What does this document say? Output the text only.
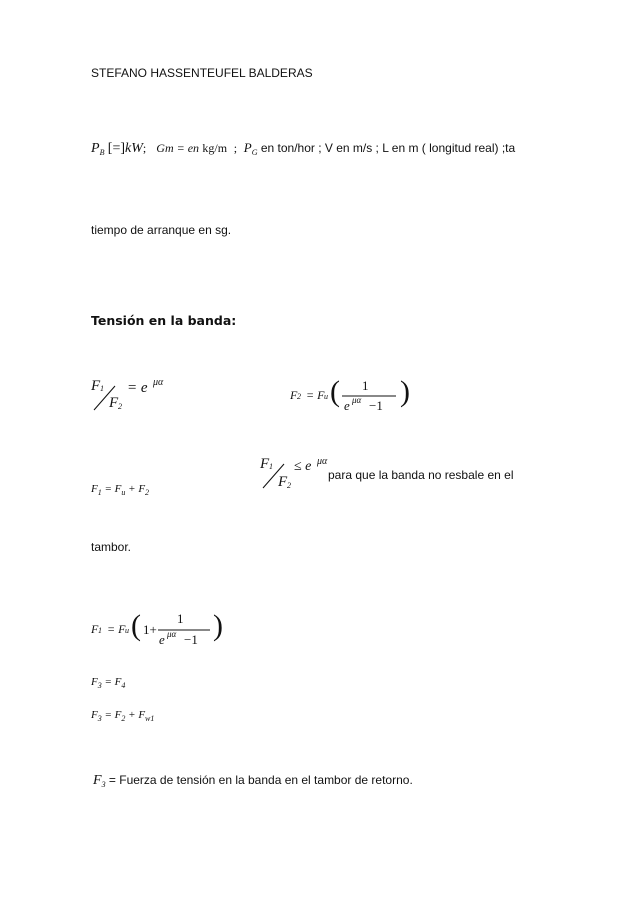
STEFANO HASSENTEUFEL BALDERAS
$P_B$ [=]kW; Gm = en kg/m ; $P_G$ en ton/hor ; V en m/s ; L en m ( longitud real) ;ta
tiempo de arranque en sg.
Tensión en la banda:
F 1
F 2
= e μα
F 2 = F u ( 1
e μα −1 )
$F_1 = F_u + F_2$
F 1
F 2
≤ e μα
para que la banda no resbale en el
tambor.
F 1 = F u ( 1+
1
e μα −1 )
$F_3 = F_4$
$F_3 = F_2 + F_{w1}$
$F_3$ = Fuerza de tensión en la banda en el tambor de retorno.
